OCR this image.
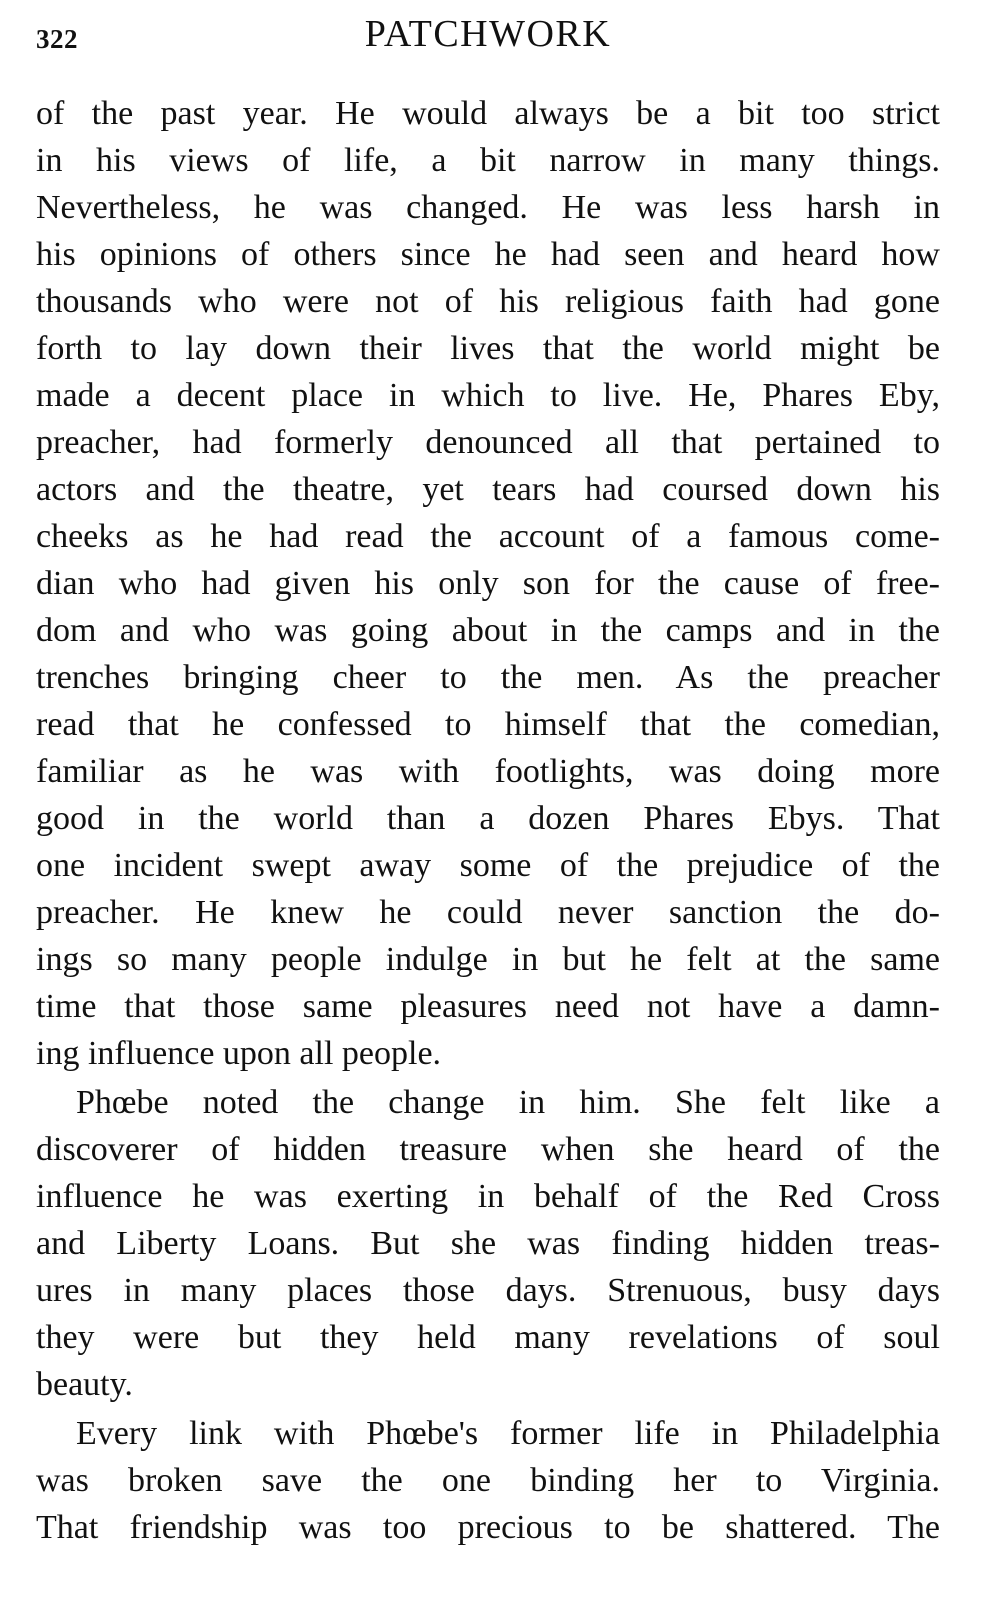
322	PATCHWORK
of the past year. He would always be a bit too strict
in his views of life, a bit narrow in many things.
Nevertheless, he was changed. He was less harsh in
his opinions of others since he had seen and heard how
thousands who were not of his religious faith had gone
forth to lay down their lives that the world might be
made a decent place in which to live. He, Phares Eby,
preacher, had formerly denounced all that pertained to
actors and the theatre, yet tears had coursed down his
cheeks as he had read the account of a famous come-
dian who had given his only son for the cause of free-
dom and who was going about in the camps and in the
trenches bringing cheer to the men. As the preacher
read that he confessed to himself that the comedian,
familiar as he was with footlights, was doing more
good in the world than a dozen Phares Ebys. That
one incident swept away some of the prejudice of the
preacher. He knew he could never sanction the do-
ings so many people indulge in but he felt at the same
time that those same pleasures need not have a damn-
ing influence upon all people.
Phœbe noted the change in him. She felt like a
discoverer of hidden treasure when she heard of the
influence he was exerting in behalf of the Red Cross
and Liberty Loans. But she was finding hidden treas-
ures in many places those days. Strenuous, busy days
they were but they held many revelations of soul
beauty.
Every link with Phœbe's former life in Philadelphia
was broken save the one binding her to Virginia.
That friendship was too precious to be shattered. The
